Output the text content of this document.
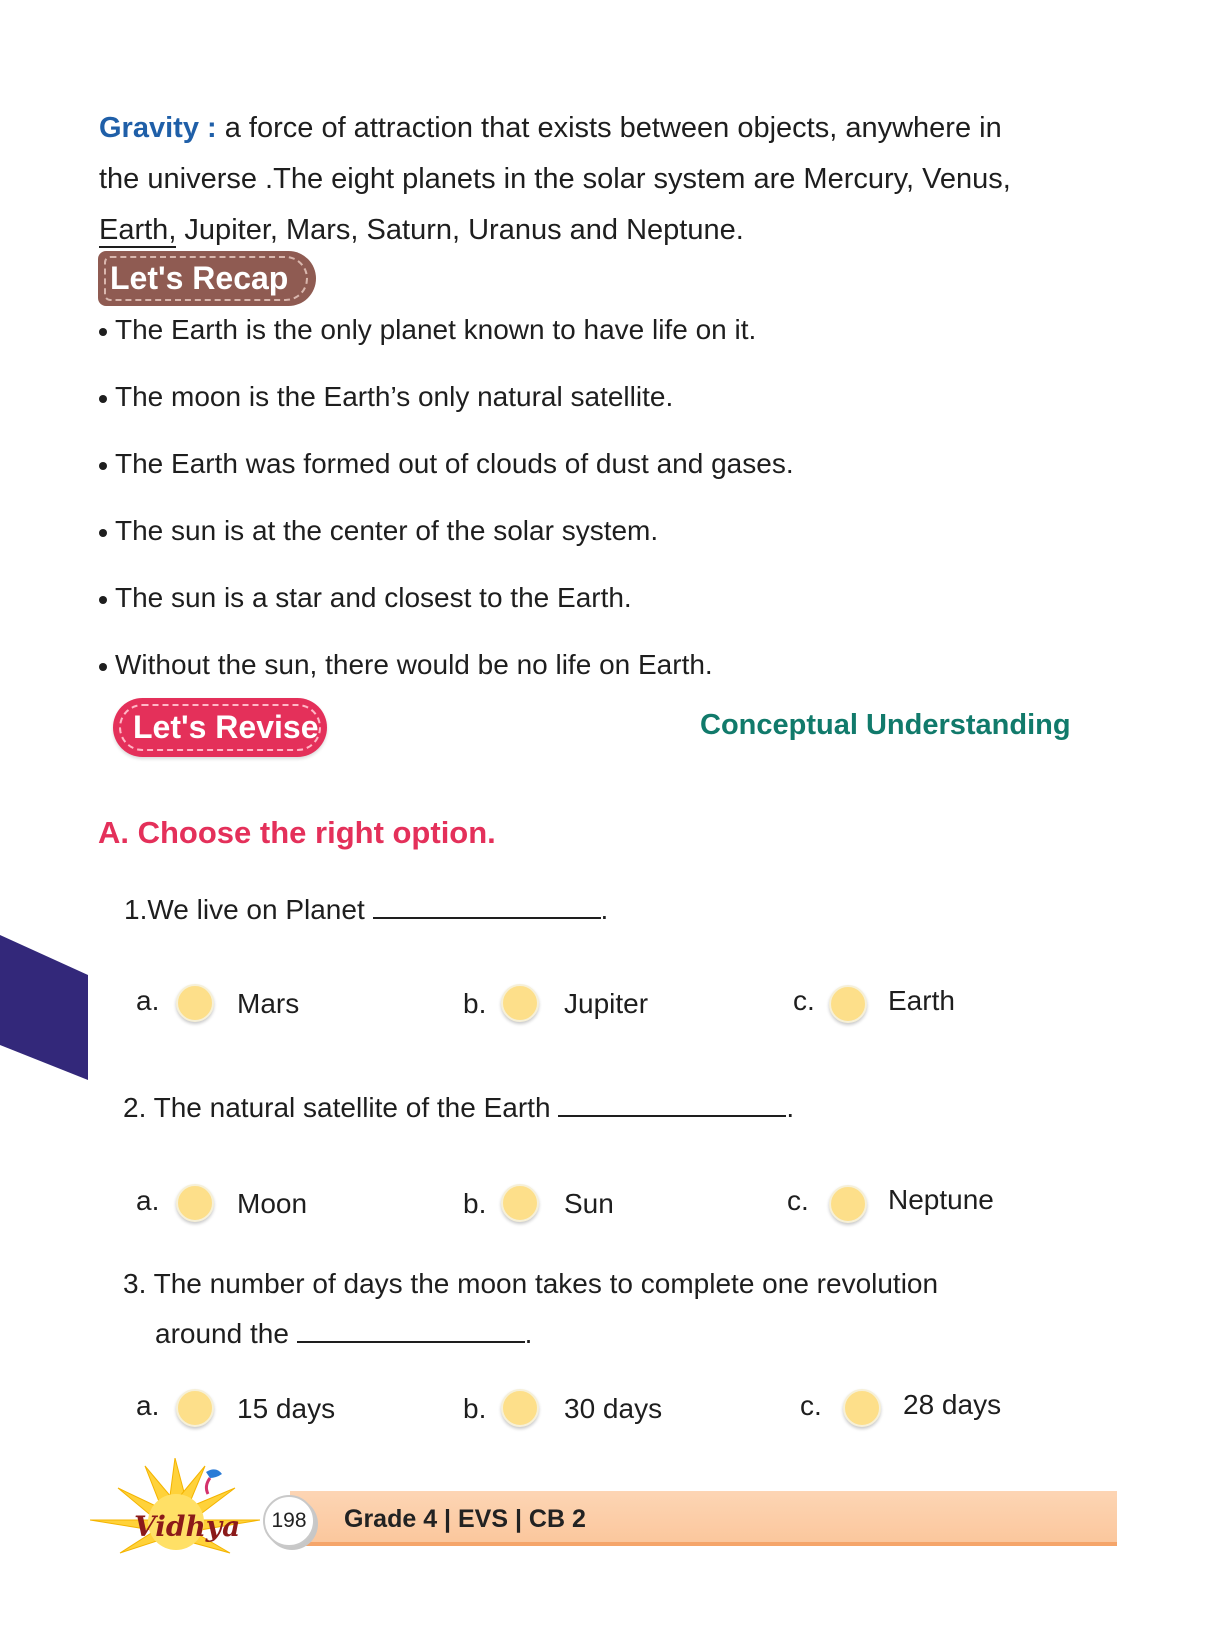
Gravity : a force of attraction that exists between objects, anywhere in
the universe .The eight planets in the solar system are Mercury, Venus,
Earth, Jupiter, Mars, Saturn, Uranus and Neptune.
Let's Recap
The Earth is the only planet known to have life on it.
The moon is the Earth’s only natural satellite.
The Earth was formed out of clouds of dust and gases.
The sun is at the center of the solar system.
The sun is a star and closest to the Earth.
Without the sun, there would be no life on Earth.
Let's Revise	Conceptual Understanding
A. Choose the right option.
1.We live on Planet	.
a.	Mars	b.	Jupiter	c.	Earth
2. The natural satellite of the Earth	.
a.	Moon	b.	Sun	c.	Neptune
3. The number of days the moon takes to complete one revolution
around the	.
a.	15 days	b.	30 days	c.	28 days
Grade 4 | EVS | CB 2
198
Vidhya
